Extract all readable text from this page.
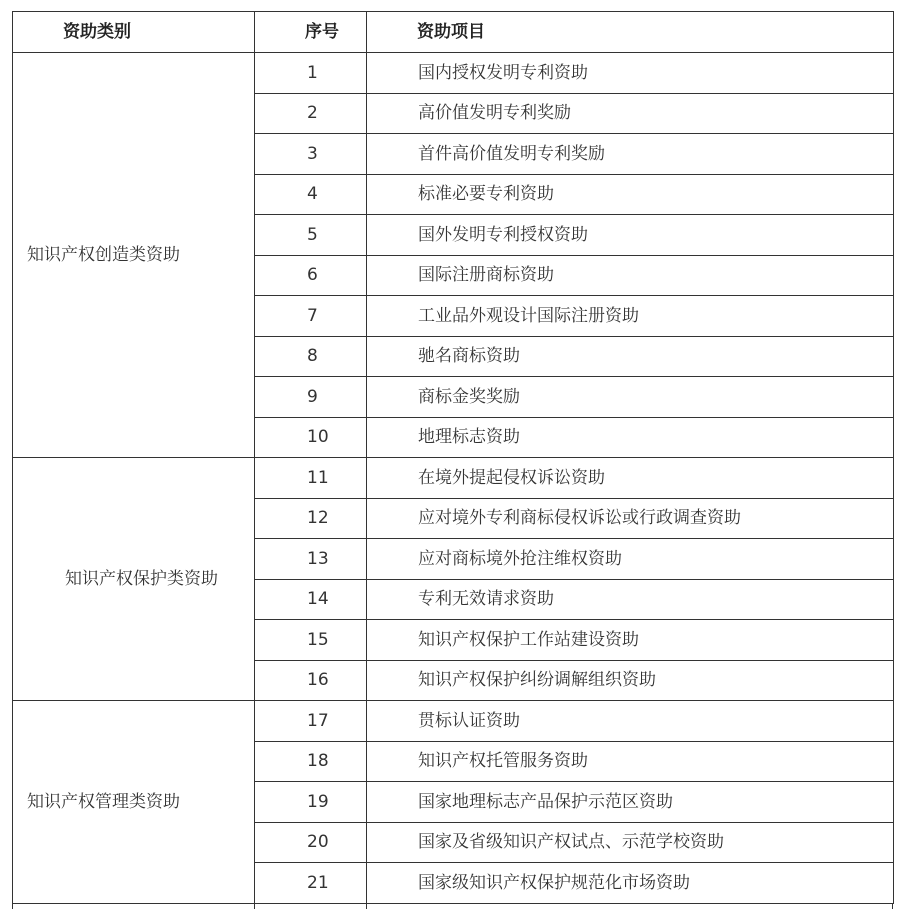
资助类别	序号	资助项目
知识产权创造类资助	1	国内授权发明专利资助
	2	高价值发明专利奖励
	3	首件高价值发明专利奖励
	4	标准必要专利资助
	5	国外发明专利授权资助
	6	国际注册商标资助
	7	工业品外观设计国际注册资助
	8	驰名商标资助
	9	商标金奖奖励
	10	地理标志资助
知识产权保护类资助	11	在境外提起侵权诉讼资助
	12	应对境外专利商标侵权诉讼或行政调查资助
	13	应对商标境外抢注维权资助
	14	专利无效请求资助
	15	知识产权保护工作站建设资助
	16	知识产权保护纠纷调解组织资助
知识产权管理类资助	17	贯标认证资助
	18	知识产权托管服务资助
	19	国家地理标志产品保护示范区资助
	20	国家及省级知识产权试点、示范学校资助
	21	国家级知识产权保护规范化市场资助
